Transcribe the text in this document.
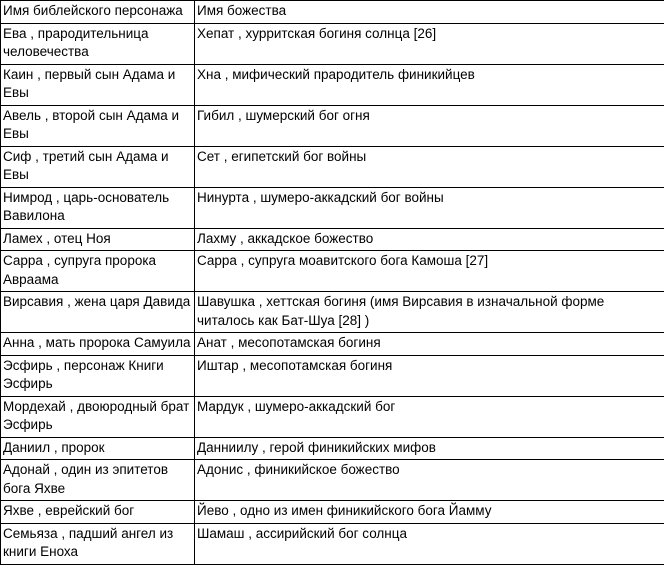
Имя библейского персонажа	Имя божества
Ева , прародительница человечества	Хепат , хурритская богиня солнца [26]
Каин , первый сын Адама и Евы	Хна , мифический прародитель финикийцев
Авель , второй сын Адама и Евы	Гибил , шумерский бог огня
Сиф , третий сын Адама и Евы	Сет , египетский бог войны
Нимрод , царь-основатель Вавилона	Нинурта , шумеро-аккадский бог войны
Ламех , отец Ноя	Лахму , аккадское божество
Сарра , супруга пророка Авраама	Сарра , супруга моавитского бога Камоша [27]
Вирсавия , жена царя Давида	Шавушка , хеттская богиня (имя Вирсавия в изначальной форме читалось как Бат-Шуа [28] )
Анна , мать пророка Самуила	Анат , месопотамская богиня
Эсфирь , персонаж Книги Эсфирь	Иштар , месопотамская богиня
Мордехай , двоюродный брат Эсфирь	Мардук , шумеро-аккадский бог
Даниил , пророк	Данниилу , герой финикийских мифов
Адонай , один из эпитетов бога Яхве	Адонис , финикийское божество
Яхве , еврейский бог	Йево , одно из имен финикийского бога Йамму
Семьяза , падший ангел из книги Еноха	Шамаш , ассирийский бог солнца
